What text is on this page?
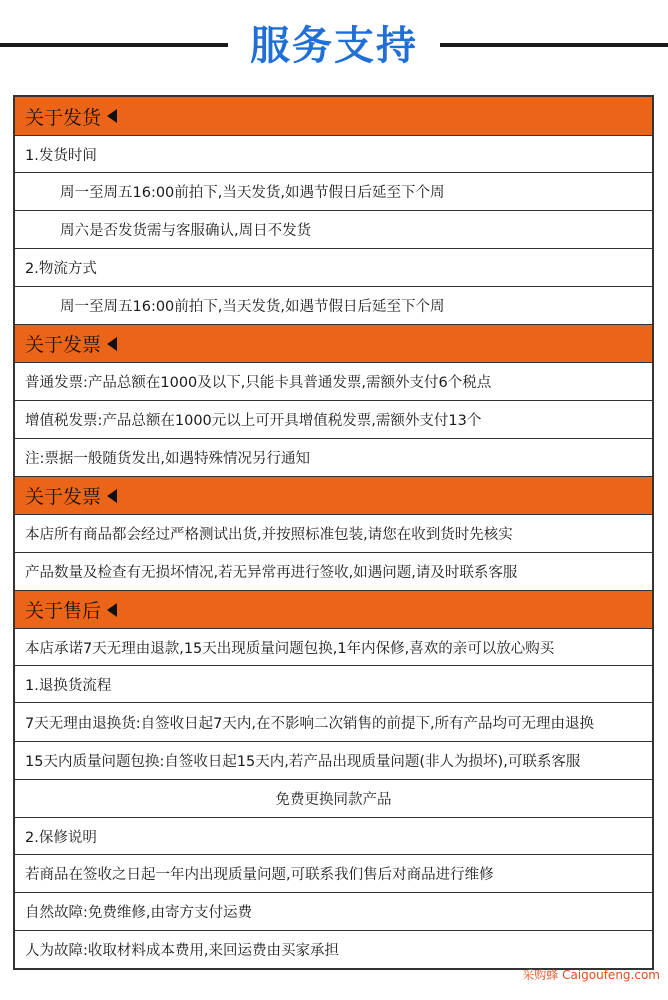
服务支持
关于发货
1.发货时间
周一至周五16:00前拍下,当天发货,如遇节假日后延至下个周
周六是否发货需与客服确认,周日不发货
2.物流方式
周一至周五16:00前拍下,当天发货,如遇节假日后延至下个周
关于发票
普通发票:产品总额在1000及以下,只能卡具普通发票,需额外支付6个税点
增值税发票:产品总额在1000元以上可开具增值税发票,需额外支付13个
注:票据一般随货发出,如遇特殊情况另行通知
关于发票
本店所有商品都会经过严格测试出货,并按照标准包装,请您在收到货时先核实
产品数量及检查有无损坏情况,若无异常再进行签收,如遇问题,请及时联系客服
关于售后
本店承诺7天无理由退款,15天出现质量问题包换,1年内保修,喜欢的亲可以放心购买
1.退换货流程
7天无理由退换货:自签收日起7天内,在不影响二次销售的前提下,所有产品均可无理由退换
15天内质量问题包换:自签收日起15天内,若产品出现质量问题(非人为损坏),可联系客服
免费更换同款产品
2.保修说明
若商品在签收之日起一年内出现质量问题,可联系我们售后对商品进行维修
自然故障:免费维修,由寄方支付运费
人为故障:收取材料成本费用,来回运费由买家承担
采购蜂 Caigoufeng.com
